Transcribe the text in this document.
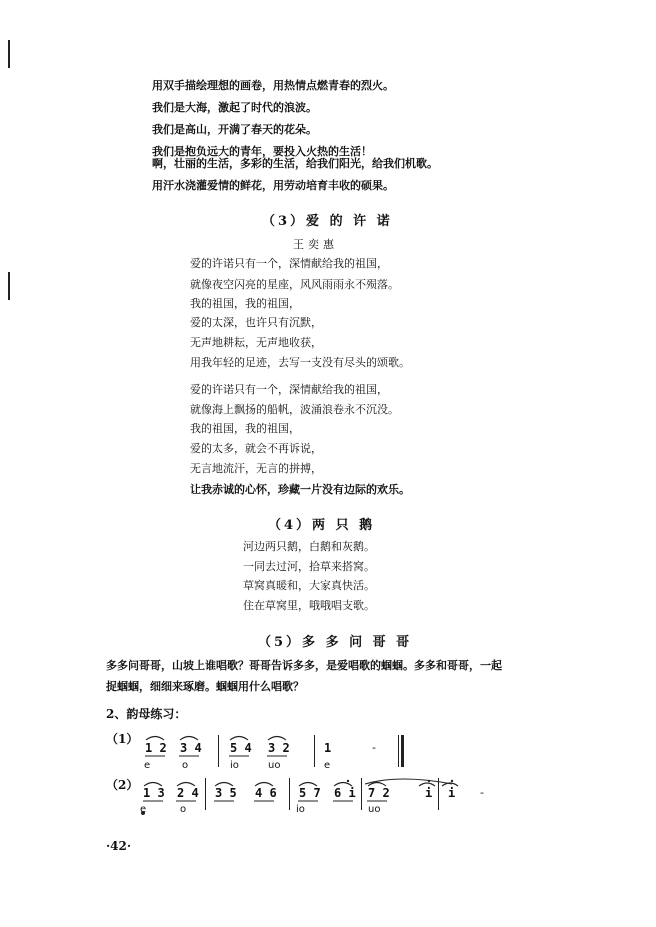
用双手描绘理想的画卷，用热情点燃青春的烈火。
我们是大海，激起了时代的浪波。
我们是高山，开满了春天的花朵。
我们是抱负远大的青年，要投入火热的生活！
啊，壮丽的生活，多彩的生活，给我们阳光，给我们机歌。
用汗水浇灌爱情的鲜花，用劳动培育丰收的硕果。
（3）爱 的 许 诺
王奕惠
爱的许诺只有一个，深情献给我的祖国，
就像夜空闪亮的星座，风风雨雨永不殒落。
我的祖国，我的祖国，
爱的太深，也许只有沉默，
无声地耕耘，无声地收获，
用我年轻的足迹，去写一支没有尽头的颂歌。
爱的许诺只有一个，深情献给我的祖国，
就像海上飘扬的船帆，波涌浪卷永不沉没。
我的祖国，我的祖国，
爱的太多，就会不再诉说，
无言地流汗，无言的拼搏，
让我赤诚的心怀，珍藏一片没有边际的欢乐。
（4）两 只 鹅
河边两只鹅，白鹅和灰鹅。
一同去过河，拾草来搭窝。
草窝真暖和，大家真快活。
住在草窝里，哦哦唱支歌。
（5）多 多 问 哥 哥
多多问哥哥，山坡上谁唱歌？哥哥告诉多多，是爱唱歌的蝈蝈。多多和哥哥，一起
捉蝈蝈，细细来琢磨。蝈蝈用什么唱歌？
2、韵母练习：
（1）
1 2
e
3 4
o
5 4
io
3 2
uo
1
e
-
（2）
1 3
e
2 4
o
3 5 4 6 5 7
io
6 i 7 2
uo
i i -
·42·
